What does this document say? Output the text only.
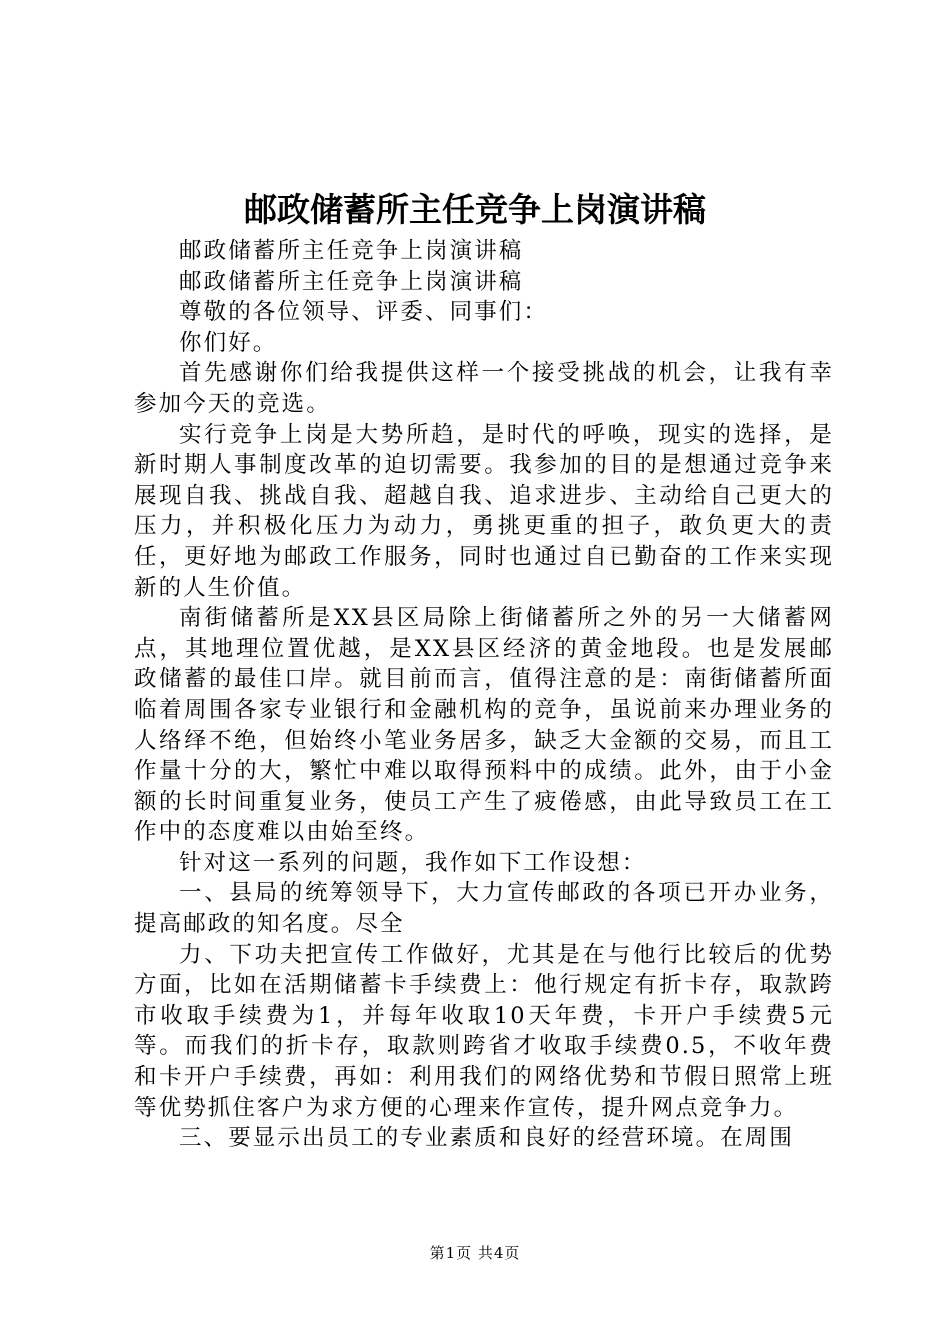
邮政储蓄所主任竞争上岗演讲稿

邮政储蓄所主任竞争上岗演讲稿

邮政储蓄所主任竞争上岗演讲稿

尊敬的各位领导、评委、同事们：

你们好。

首先感谢你们给我提供这样一个接受挑战的机会，让我有幸参加今天的竞选。

实行竞争上岗是大势所趋，是时代的呼唤，现实的选择，是新时期人事制度改革的迫切需要。我参加的目的是想通过竞争来展现自我、挑战自我、超越自我、追求进步、主动给自己更大的压力，并积极化压力为动力，勇挑更重的担子，敢负更大的责任，更好地为邮政工作服务，同时也通过自已勤奋的工作来实现新的人生价值。

南街储蓄所是XX县区局除上街储蓄所之外的另一大储蓄网点，其地理位置优越，是XX县区经济的黄金地段。也是发展邮政储蓄的最佳口岸。就目前而言，值得注意的是：南街储蓄所面临着周围各家专业银行和金融机构的竞争，虽说前来办理业务的人络绎不绝，但始终小笔业务居多，缺乏大金额的交易，而且工作量十分的大，繁忙中难以取得预料中的成绩。此外，由于小金额的长时间重复业务，使员工产生了疲倦感，由此导致员工在工作中的态度难以由始至终。

针对这一系列的问题，我作如下工作设想：

一、县局的统筹领导下，大力宣传邮政的各项已开办业务，提高邮政的知名度。尽全

力、下功夫把宣传工作做好，尤其是在与他行比较后的优势方面，比如在活期储蓄卡手续费上：他行规定有折卡存，取款跨市收取手续费为1，并每年收取10天年费，卡开户手续费5元等。而我们的折卡存，取款则跨省才收取手续费0.5，不收年费和卡开户手续费，再如：利用我们的网络优势和节假日照常上班等优势抓住客户为求方便的心理来作宣传，提升网点竞争力。

三、要显示出员工的专业素质和良好的经营环境。在周围

第1页 共4页
